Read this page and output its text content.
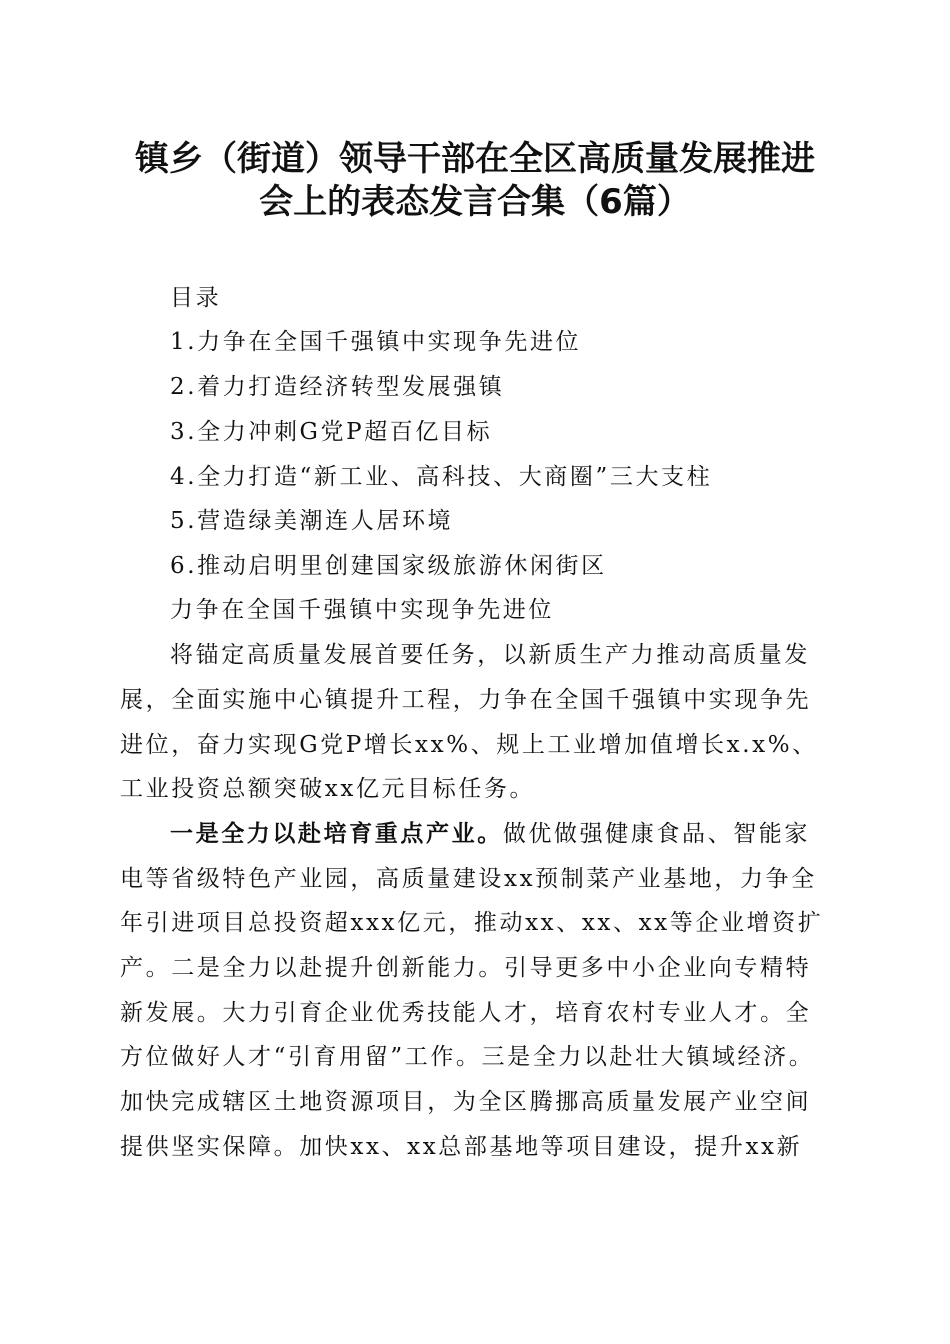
镇乡（街道）领导干部在全区高质量发展推进
会上的表态发言合集（6篇）
目录
1.力争在全国千强镇中实现争先进位
2.着力打造经济转型发展强镇
3.全力冲刺G党P超百亿目标
4.全力打造“新工业、高科技、大商圈”三大支柱
5.营造绿美潮连人居环境
6.推动启明里创建国家级旅游休闲街区
力争在全国千强镇中实现争先进位
将锚定高质量发展首要任务，以新质生产力推动高质量发
展，全面实施中心镇提升工程，力争在全国千强镇中实现争先
进位，奋力实现G党P增长xx%、规上工业增加值增长x.x%、
工业投资总额突破xx亿元目标任务。
一是全力以赴培育重点产业。做优做强健康食品、智能家
电等省级特色产业园，高质量建设xx预制菜产业基地，力争全
年引进项目总投资超xxx亿元，推动xx、xx、xx等企业增资扩
产。二是全力以赴提升创新能力。引导更多中小企业向专精特
新发展。大力引育企业优秀技能人才，培育农村专业人才。全
方位做好人才“引育用留”工作。三是全力以赴壮大镇域经济。
加快完成辖区土地资源项目，为全区腾挪高质量发展产业空间
提供坚实保障。加快xx、xx总部基地等项目建设，提升xx新
